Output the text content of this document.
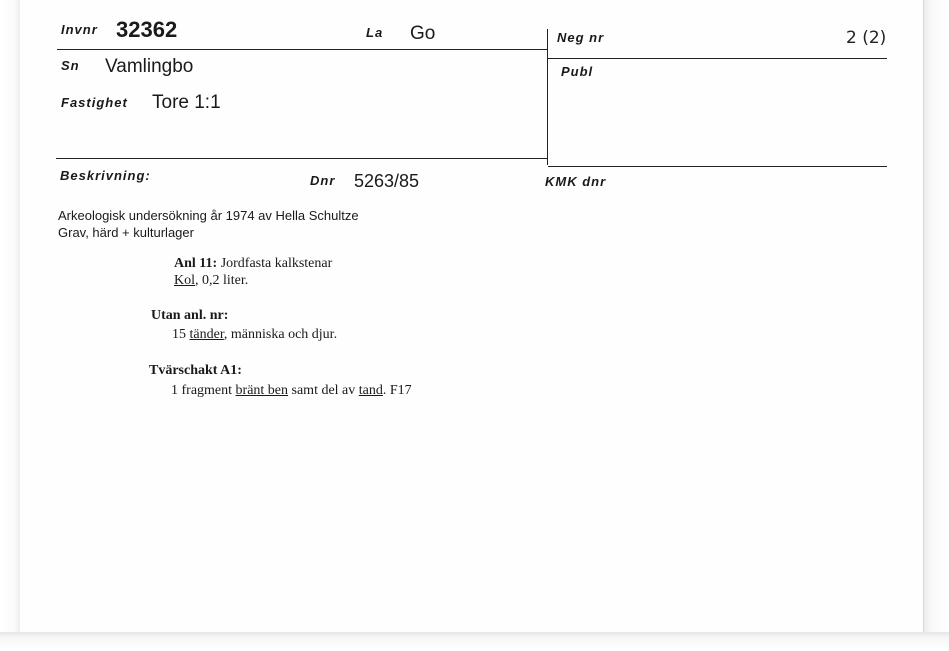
Invnr 32362	La Go	Neg nr	2 (2)
Sn Vamlingbo	Publ
Fastighet Tore 1:1
Beskrivning:	Dnr 5263/85	KMK dnr
Arkeologisk undersökning år 1974 av Hella Schultze
Grav, härd + kulturlager
Anl 11: Jordfasta kalkstenar
Kol, 0,2 liter.
Utan anl. nr:
15 tänder, människa och djur.
Tvärschakt A1:
1 fragment bränt ben samt del av tand. F17
